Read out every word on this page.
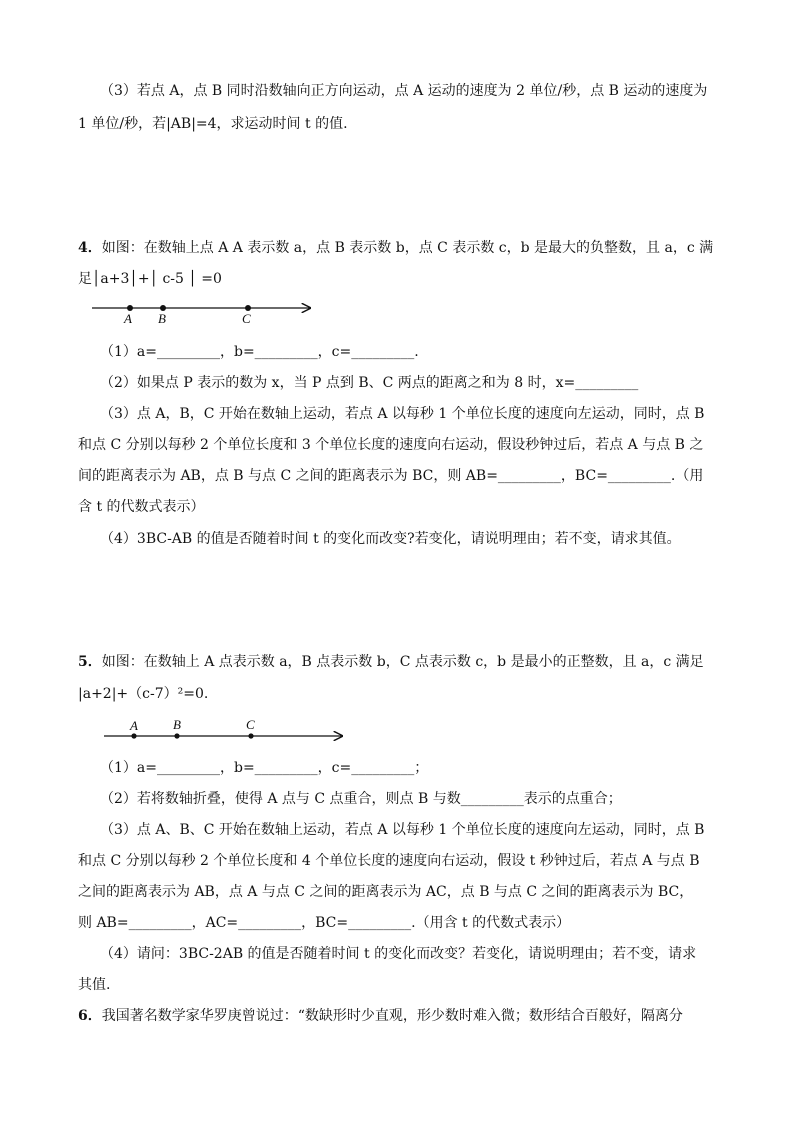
（3）若点 A，点 B 同时沿数轴向正方向运动，点 A 运动的速度为 2 单位/秒，点 B 运动的速度为
1 单位/秒，若|AB|=4，求运动时间 t 的值.
4．如图：在数轴上点 A A 表示数 a，点 B 表示数 b，点 C 表示数 c，b 是最大的负整数，且 a，c 满
足│a+3│+│ c-5 │ =0
A B	C
（1）a=_________，b=_________，c=_________.
（2）如果点 P 表示的数为 x，当 P 点到 B、C 两点的距离之和为 8 时，x=_________
（3）点 A，B，C 开始在数轴上运动，若点 A 以每秒 1 个单位长度的速度向左运动，同时，点 B
和点 C 分别以每秒 2 个单位长度和 3 个单位长度的速度向右运动，假设秒钟过后，若点 A 与点 B 之
间的距离表示为 AB，点 B 与点 C 之间的距离表示为 BC，则 AB=_________，BC=_________.（用
含 t 的代数式表示）
（4）3BC-AB 的值是否随着时间 t 的变化而改变?若变化，请说明理由；若不变，请求其值。
5．如图：在数轴上 A 点表示数 a，B 点表示数 b，C 点表示数 c，b 是最小的正整数，且 a，c 满足
|a+2|+（c-7）²=0.
A	B	C
（1）a=_________，b=_________，c=_________；
（2）若将数轴折叠，使得 A 点与 C 点重合，则点 B 与数_________表示的点重合；
（3）点 A、B、C 开始在数轴上运动，若点 A 以每秒 1 个单位长度的速度向左运动，同时，点 B
和点 C 分别以每秒 2 个单位长度和 4 个单位长度的速度向右运动，假设 t 秒钟过后，若点 A 与点 B
之间的距离表示为 AB，点 A 与点 C 之间的距离表示为 AC，点 B 与点 C 之间的距离表示为 BC，
则 AB=_________，AC=_________，BC=_________.（用含 t 的代数式表示）
（4）请问：3BC-2AB 的值是否随着时间 t 的变化而改变？若变化，请说明理由；若不变，请求
其值.
6．我国著名数学家华罗庚曾说过：“数缺形时少直观，形少数时难入微；数形结合百般好，隔离分
